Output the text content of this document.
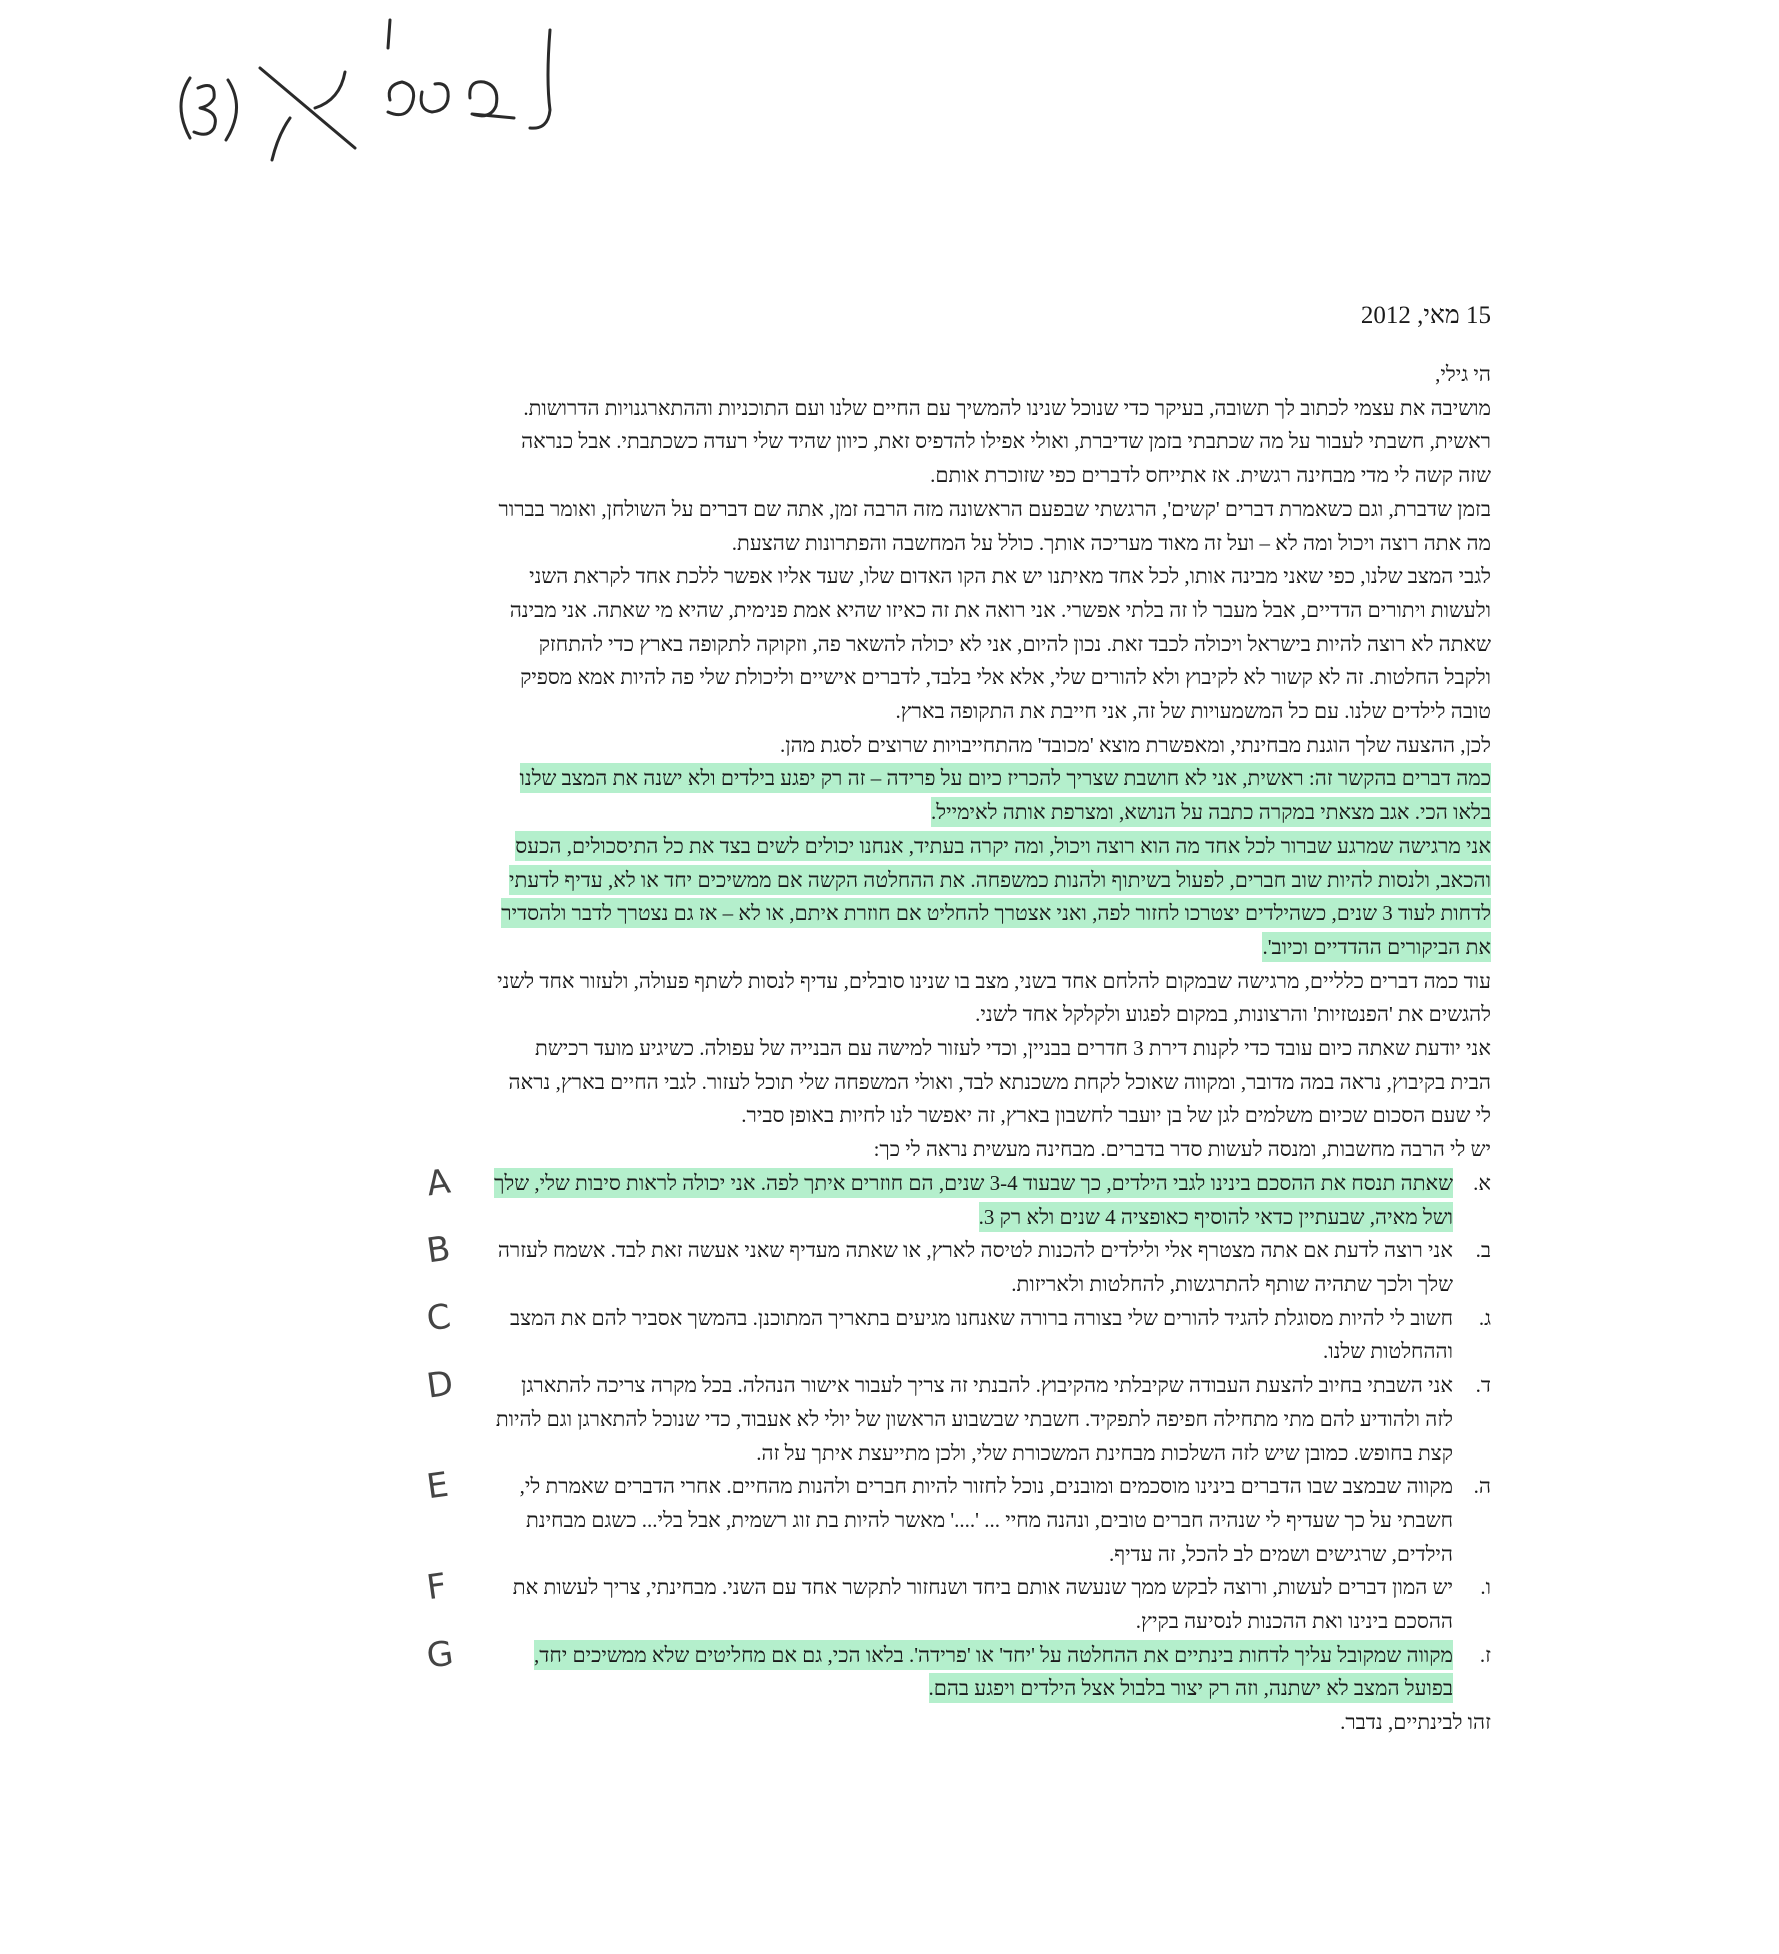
15 מאי, 2012

הי גילי,

מושיבה את עצמי לכתוב לך תשובה, בעיקר כדי שנוכל שנינו להמשיך עם החיים שלנו ועם התוכניות וההתארגנויות הדרושות.

ראשית, חשבתי לעבור על מה שכתבתי בזמן שדיברת, ואולי אפילו להדפיס זאת, כיוון שהיד שלי רעדה כשכתבתי. אבל כנראה שזה קשה לי מדי מבחינה רגשית. אז אתייחס לדברים כפי שזוכרת אותם.

בזמן שדברת, וגם כשאמרת דברים 'קשים', הרגשתי שבפעם הראשונה מזה הרבה זמן, אתה שם דברים על השולחן, ואומר בברור מה אתה רוצה ויכול ומה לא – ועל זה מאוד מעריכה אותך. כולל על המחשבה והפתרונות שהצעת.

לגבי המצב שלנו, כפי שאני מבינה אותו, לכל אחד מאיתנו יש את הקו האדום שלו, שעד אליו אפשר ללכת אחד לקראת השני ולעשות ויתורים הדדיים, אבל מעבר לו זה בלתי אפשרי. אני רואה את זה כאיזו שהיא אמת פנימית, שהיא מי שאתה. אני מבינה שאתה לא רוצה להיות בישראל ויכולה לכבד זאת. נכון להיום, אני לא יכולה להשאר פה, וזקוקה לתקופה בארץ כדי להתחזק ולקבל החלטות. זה לא קשור לא לקיבוץ ולא להורים שלי, אלא אלי בלבד, לדברים אישיים וליכולת שלי פה להיות אמא מספיק טובה לילדים שלנו. עם כל המשמעויות של זה, אני חייבת את התקופה בארץ.

לכן, ההצעה שלך הוגנת מבחינתי, ומאפשרת מוצא 'מכובד' מהתחייבויות שרוצים לסגת מהן.

כמה דברים בהקשר זה: ראשית, אני לא חושבת שצריך להכריז כיום על פרידה – זה רק יפגע בילדים ולא ישנה את המצב שלנו בלאו הכי. אגב מצאתי במקרה כתבה על הנושא, ומצרפת אותה לאימייל.

אני מרגישה שמרגע שברור לכל אחד מה הוא רוצה ויכול, ומה יקרה בעתיד, אנחנו יכולים לשים בצד את כל התיסכולים, הכעס והכאב, ולנסות להיות שוב חברים, לפעול בשיתוף ולהנות כמשפחה. את ההחלטה הקשה אם ממשיכים יחד או לא, עדיף לדעתי לדחות לעוד 3 שנים, כשהילדים יצטרכו לחזור לפה, ואני אצטרך להחליט אם חוזרת איתם, או לא – אז גם נצטרך לדבר ולהסדיר את הביקורים ההדדיים וכיוב'.

עוד כמה דברים כלליים, מרגישה שבמקום להלחם אחד בשני, מצב בו שנינו סובלים, עדיף לנסות לשתף פעולה, ולעזור אחד לשני להגשים את 'הפנטזיות' והרצונות, במקום לפגוע ולקלקל אחד לשני.

אני יודעת שאתה כיום עובד כדי לקנות דירת 3 חדרים בבניין, וכדי לעזור למישה עם הבנייה של עפולה. כשיגיע מועד רכישת הבית בקיבוץ, נראה במה מדובר, ומקווה שאוכל לקחת משכנתא לבד, ואולי המשפחה שלי תוכל לעזור. לגבי החיים בארץ, נראה לי שעם הסכום שכיום משלמים לגן של בן יועבר לחשבון בארץ, זה יאפשר לנו לחיות באופן סביר.

יש לי הרבה מחשבות, ומנסה לעשות סדר בדברים. מבחינה מעשית נראה לי כך:

א.
שאתה תנסח את ההסכם בינינו לגבי הילדים, כך שבעוד 3-4 שנים, הם חוזרים איתך לפה. אני יכולה לראות סיבות שלי, שלך ושל מאיה, שבעתיין כדאי להוסיף כאופציה 4 שנים ולא רק 3.
A
ב.
אני רוצה לדעת אם אתה מצטרף אלי ולילדים להכנות לטיסה לארץ, או שאתה מעדיף שאני אעשה זאת לבד. אשמח לעזרה שלך ולכך שתהיה שותף להתרגשות, להחלטות ולאריזות.
B
ג.
חשוב לי להיות מסוגלת להגיד להורים שלי בצורה ברורה שאנחנו מגיעים בתאריך המתוכנן. בהמשך אסביר להם את המצב וההחלטות שלנו.
C
ד.
אני השבתי בחיוב להצעת העבודה שקיבלתי מהקיבוץ. להבנתי זה צריך לעבור אישור הנהלה. בכל מקרה צריכה להתארגן לזה ולהודיע להם מתי מתחילה חפיפה לתפקיד. חשבתי שבשבוע הראשון של יולי לא אעבוד, כדי שנוכל להתארגן וגם להיות קצת בחופש. כמובן שיש לזה השלכות מבחינת המשכורת שלי, ולכן מתייעצת איתך על זה.
D
ה.
מקווה שבמצב שבו הדברים בינינו מוסכמים ומובנים, נוכל לחזור להיות חברים ולהנות מהחיים. אחרי הדברים שאמרת לי, חשבתי על כך שעדיף לי שנהיה חברים טובים, ונהנה מחיי ... '....' מאשר להיות בת זוג רשמית, אבל בלי... כשגם מבחינת הילדים, שרגישים ושמים לב להכל, זה עדיף.
E
ו.
יש המון דברים לעשות, ורוצה לבקש ממך שנעשה אותם ביחד ושנחזור לתקשר אחד עם השני. מבחינתי, צריך לעשות את ההסכם בינינו ואת ההכנות לנסיעה בקיץ.
F
ז.
מקווה שמקובל עליך לדחות בינתיים את ההחלטה על 'יחד' או 'פרידה'. בלאו הכי, גם אם מחליטים שלא ממשיכים יחד, בפועל המצב לא ישתנה, וזה רק יצור בלבול אצל הילדים ויפגע בהם.
G

זהו לבינתיים, נדבר.
